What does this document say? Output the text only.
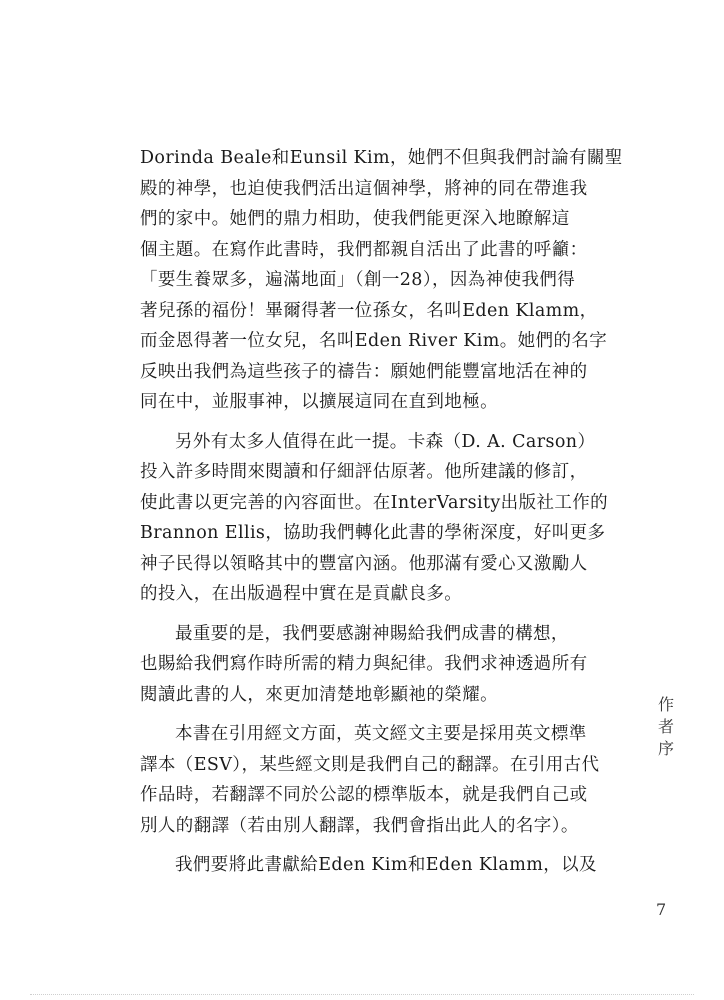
Dorinda Beale和Eunsil Kim，她們不但與我們討論有關聖
殿的神學，也迫使我們活出這個神學，將神的同在帶進我
們的家中。她們的鼎力相助，使我們能更深入地瞭解這
個主題。在寫作此書時，我們都親自活出了此書的呼籲：
「要生養眾多，遍滿地面」（創一28），因為神使我們得
著兒孫的福份！畢爾得著一位孫女，名叫Eden Klamm，
而金恩得著一位女兒，名叫Eden River Kim。她們的名字
反映出我們為這些孩子的禱告：願她們能豐富地活在神的
同在中，並服事神，以擴展這同在直到地極。
另外有太多人值得在此一提。卡森（D. A. Carson）
投入許多時間來閱讀和仔細評估原著。他所建議的修訂，
使此書以更完善的內容面世。在InterVarsity出版社工作的
Brannon Ellis，協助我們轉化此書的學術深度，好叫更多
神子民得以領略其中的豐富內涵。他那滿有愛心又激勵人
的投入，在出版過程中實在是貢獻良多。
最重要的是，我們要感謝神賜給我們成書的構想，
也賜給我們寫作時所需的精力與紀律。我們求神透過所有
閱讀此書的人，來更加清楚地彰顯祂的榮耀。
本書在引用經文方面，英文經文主要是採用英文標準
譯本（ESV），某些經文則是我們自己的翻譯。在引用古代
作品時，若翻譯不同於公認的標準版本，就是我們自己或
別人的翻譯（若由別人翻譯，我們會指出此人的名字）。
我們要將此書獻給Eden Kim和Eden Klamm，以及
作
者
序
7
